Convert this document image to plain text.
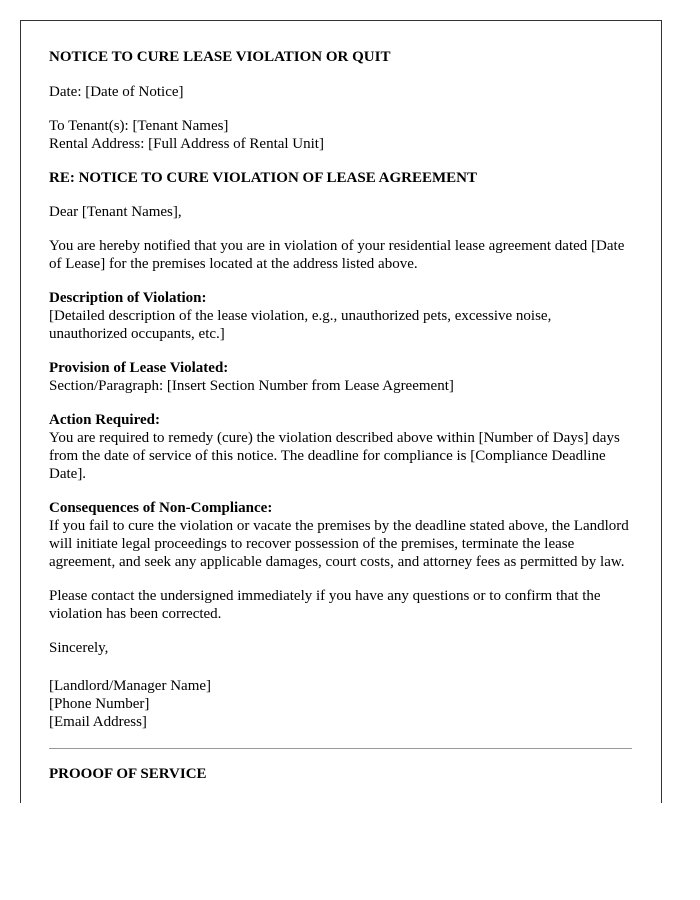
NOTICE TO CURE LEASE VIOLATION OR QUIT

Date: [Date of Notice]

To Tenant(s): [Tenant Names]
Rental Address: [Full Address of Rental Unit]

RE: NOTICE TO CURE VIOLATION OF LEASE AGREEMENT

Dear [Tenant Names],

You are hereby notified that you are in violation of your residential lease agreement dated [Date of Lease] for the premises located at the address listed above.

Description of Violation:
[Detailed description of the lease violation, e.g., unauthorized pets, excessive noise, unauthorized occupants, etc.]

Provision of Lease Violated:
Section/Paragraph: [Insert Section Number from Lease Agreement]

Action Required:
You are required to remedy (cure) the violation described above within [Number of Days] days from the date of service of this notice. The deadline for compliance is [Compliance Deadline Date].

Consequences of Non-Compliance:
If you fail to cure the violation or vacate the premises by the deadline stated above, the Landlord will initiate legal proceedings to recover possession of the premises, terminate the lease agreement, and seek any applicable damages, court costs, and attorney fees as permitted by law.

Please contact the undersigned immediately if you have any questions or to confirm that the violation has been corrected.

Sincerely,

[Landlord/Manager Name]
[Phone Number]
[Email Address]

PROOOF OF SERVICE
